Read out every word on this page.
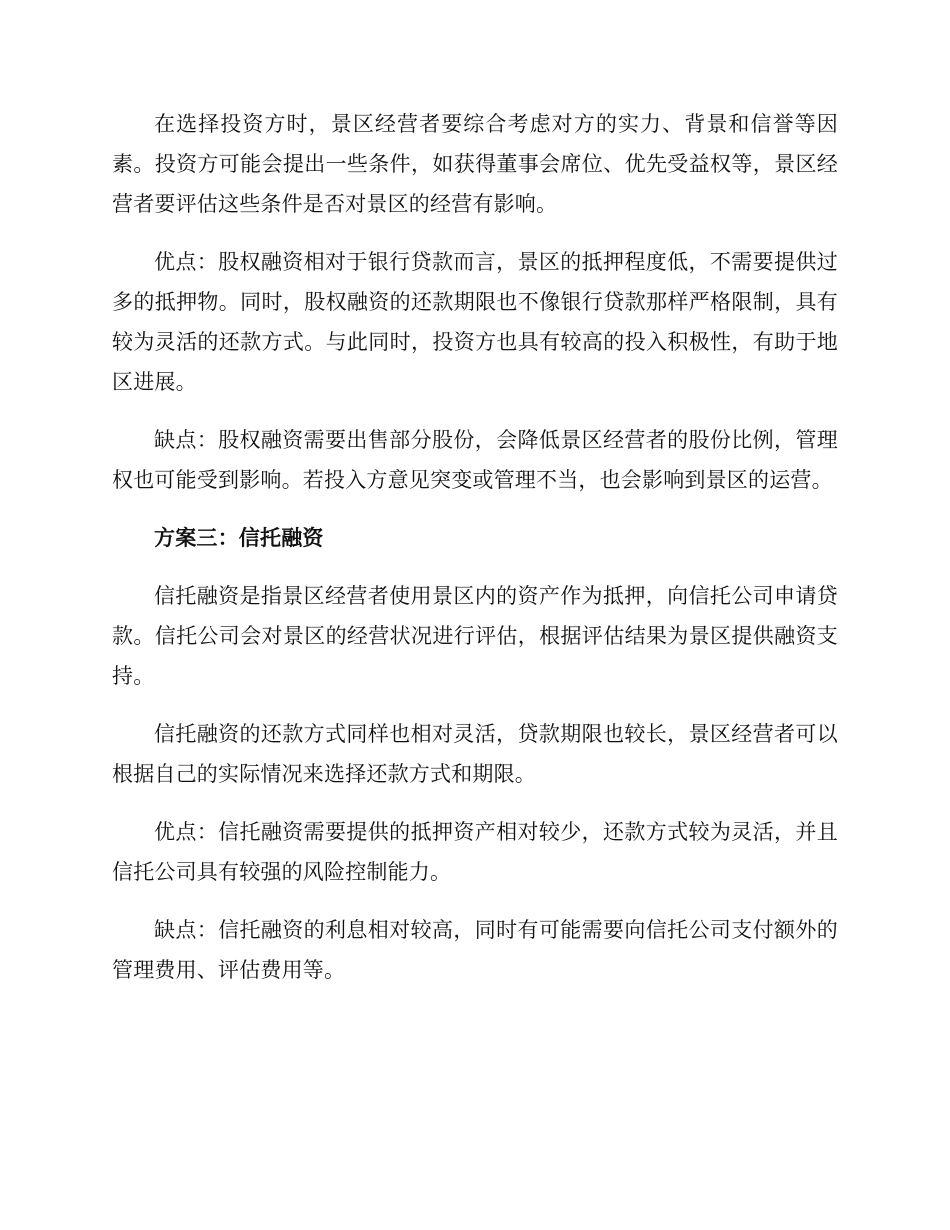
在选择投资方时，景区经营者要综合考虑对方的实力、背景和信誉等因素。投资方可能会提出一些条件，如获得董事会席位、优先受益权等，景区经营者要评估这些条件是否对景区的经营有影响。

优点：股权融资相对于银行贷款而言，景区的抵押程度低，不需要提供过多的抵押物。同时，股权融资的还款期限也不像银行贷款那样严格限制，具有较为灵活的还款方式。与此同时，投资方也具有较高的投入积极性，有助于地区进展。

缺点：股权融资需要出售部分股份，会降低景区经营者的股份比例，管理权也可能受到影响。若投入方意见突变或管理不当，也会影响到景区的运营。

方案三：信托融资

信托融资是指景区经营者使用景区内的资产作为抵押，向信托公司申请贷款。信托公司会对景区的经营状况进行评估，根据评估结果为景区提供融资支持。

信托融资的还款方式同样也相对灵活，贷款期限也较长，景区经营者可以根据自己的实际情况来选择还款方式和期限。

优点：信托融资需要提供的抵押资产相对较少，还款方式较为灵活，并且信托公司具有较强的风险控制能力。

缺点：信托融资的利息相对较高，同时有可能需要向信托公司支付额外的管理费用、评估费用等。
